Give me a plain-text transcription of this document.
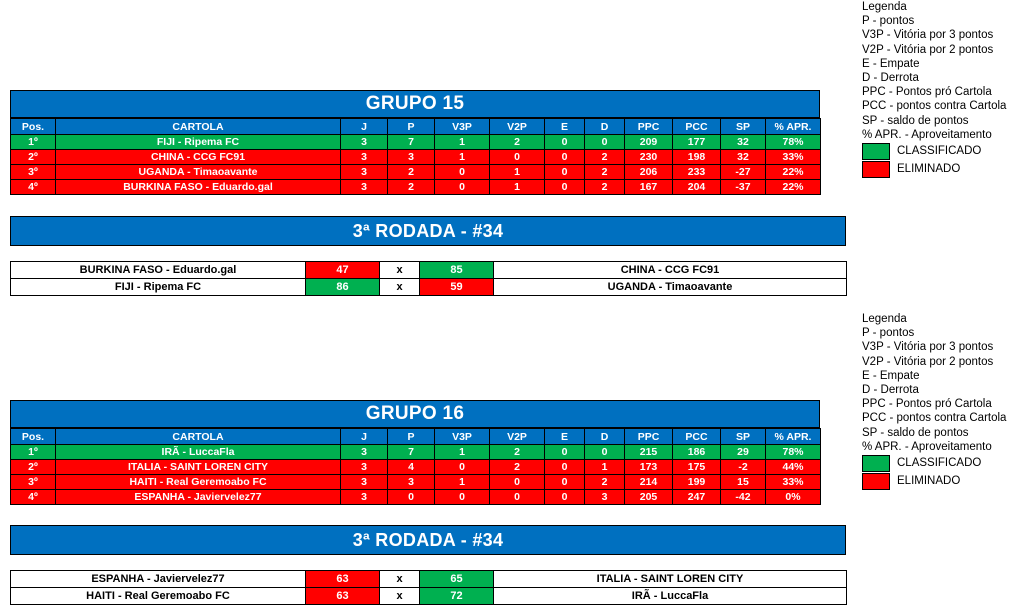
Legenda
P - pontos
V3P - Vitória por 3 pontos
V2P - Vitória por 2 pontos
E - Empate
D - Derrota
PPC - Pontos pró Cartola
PCC - pontos contra Cartola
SP - saldo de pontos
% APR. - Aproveitamento
CLASSIFICADO
ELIMINADO
Legenda
P - pontos
V3P - Vitória por 3 pontos
V2P - Vitória por 2 pontos
E - Empate
D - Derrota
PPC - Pontos pró Cartola
PCC - pontos contra Cartola
SP - saldo de pontos
% APR. - Aproveitamento
CLASSIFICADO
ELIMINADO
GRUPO 15
Pos.	CARTOLA	J	P	V3P	V2P	E	D	PPC	PCC	SP	% APR.
1º	FIJI - Ripema FC	3	7	1	2	0	0	209	177	32	78%
2º	CHINA - CCG FC91	3	3	1	0	0	2	230	198	32	33%
3º	UGANDA - Timaoavante	3	2	0	1	0	2	206	233	-27	22%
4º	BURKINA FASO - Eduardo.gal	3	2	0	1	0	2	167	204	-37	22%
3ª RODADA - #34
BURKINA FASO - Eduardo.gal	47	x	85	CHINA - CCG FC91
FIJI - Ripema FC	86	x	59	UGANDA - Timaoavante
GRUPO 16
Pos.	CARTOLA	J	P	V3P	V2P	E	D	PPC	PCC	SP	% APR.
1º	IRÃ - LuccaFla	3	7	1	2	0	0	215	186	29	78%
2º	ITALIA - SAINT LOREN CITY	3	4	0	2	0	1	173	175	-2	44%
3º	HAITI - Real Geremoabo FC	3	3	1	0	0	2	214	199	15	33%
4º	ESPANHA - Javiervelez77	3	0	0	0	0	3	205	247	-42	0%
3ª RODADA - #34
ESPANHA - Javiervelez77	63	x	65	ITALIA - SAINT LOREN CITY
HAITI - Real Geremoabo FC	63	x	72	IRÃ - LuccaFla
